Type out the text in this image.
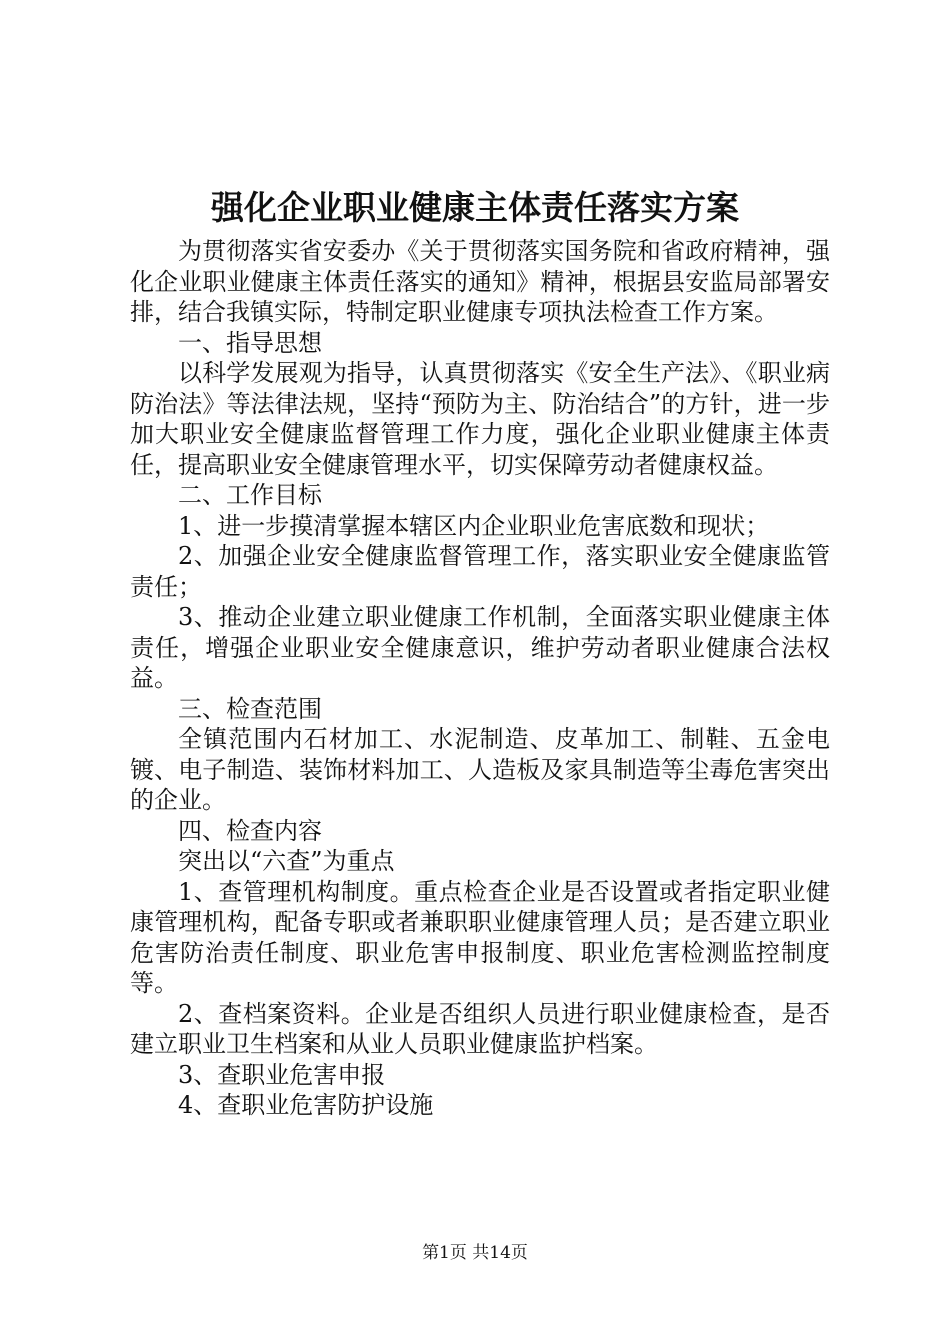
强化企业职业健康主体责任落实方案

为贯彻落实省安委办《关于贯彻落实国务院和省政府精神，强化企业职业健康主体责任落实的通知》精神，根据县安监局部署安排，结合我镇实际，特制定职业健康专项执法检查工作方案。

一、指导思想

以科学发展观为指导，认真贯彻落实《安全生产法》、《职业病防治法》等法律法规，坚持“预防为主、防治结合”的方针，进一步加大职业安全健康监督管理工作力度，强化企业职业健康主体责任，提高职业安全健康管理水平，切实保障劳动者健康权益。

二、工作目标

1、进一步摸清掌握本辖区内企业职业危害底数和现状；

2、加强企业安全健康监督管理工作，落实职业安全健康监管责任；

3、推动企业建立职业健康工作机制，全面落实职业健康主体责任，增强企业职业安全健康意识，维护劳动者职业健康合法权益。

三、检查范围

全镇范围内石材加工、水泥制造、皮革加工、制鞋、五金电镀、电子制造、装饰材料加工、人造板及家具制造等尘毒危害突出的企业。

四、检查内容

突出以“六查”为重点

1、查管理机构制度。重点检查企业是否设置或者指定职业健康管理机构，配备专职或者兼职职业健康管理人员；是否建立职业危害防治责任制度、职业危害申报制度、职业危害检测监控制度等。

2、查档案资料。企业是否组织人员进行职业健康检查，是否建立职业卫生档案和从业人员职业健康监护档案。

3、查职业危害申报

4、查职业危害防护设施

第1页 共14页
